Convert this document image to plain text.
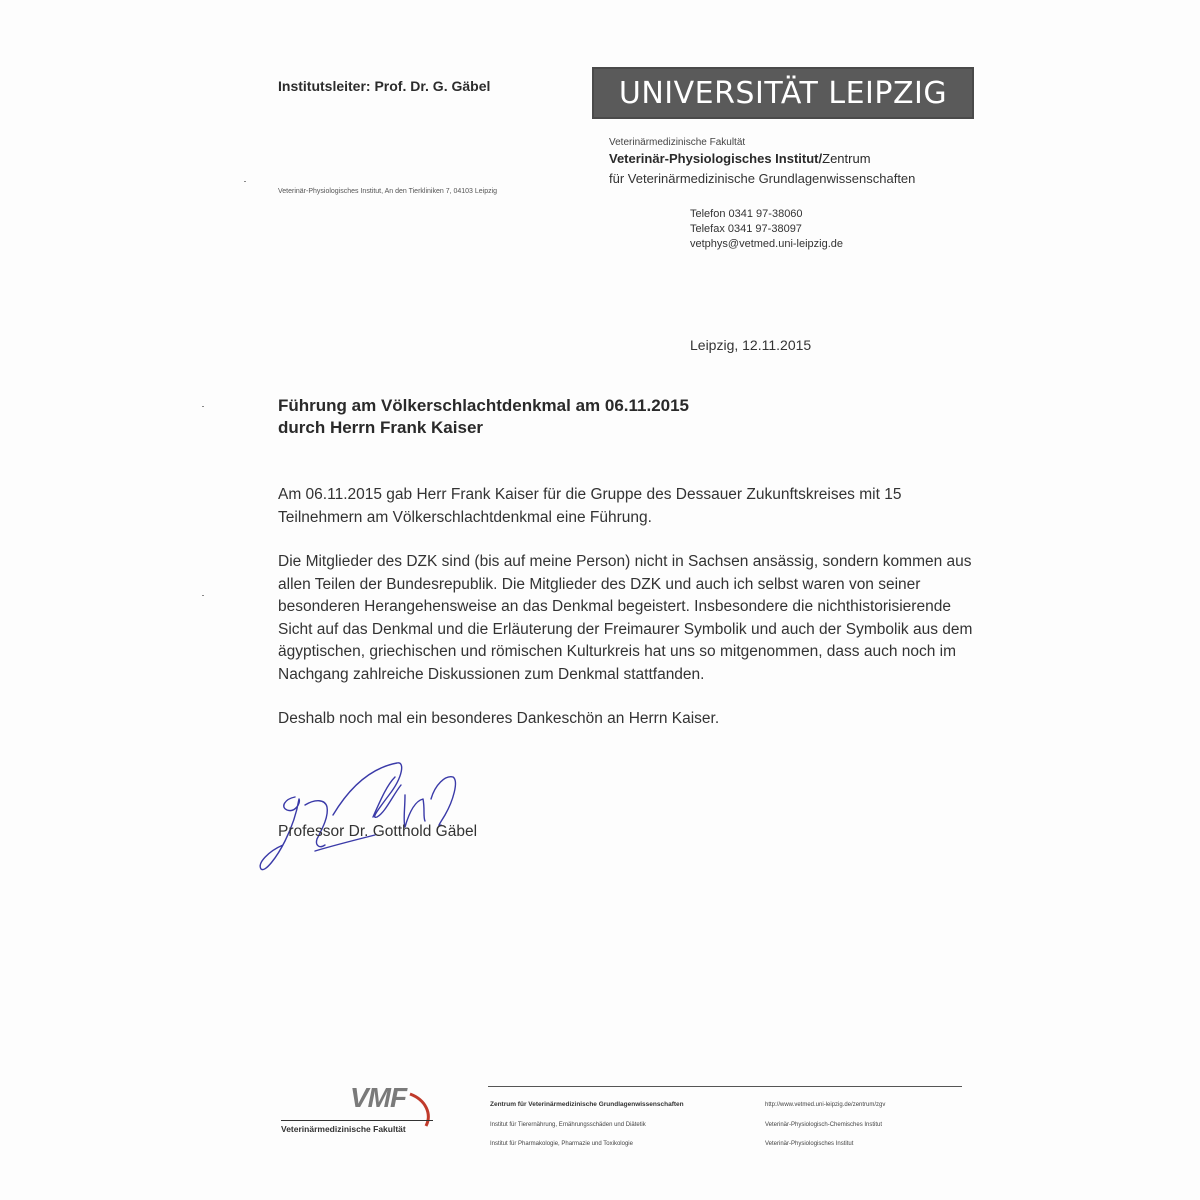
Institutsleiter: Prof. Dr. G. Gäbel	UNIVERSITÄT LEIPZIG
Veterinär-Physiologisches Institut, An den Tierkliniken 7, 04103 Leipzig
Veterinärmedizinische Fakultät
Veterinär-Physiologisches Institut/Zentrum
für Veterinärmedizinische Grundlagenwissenschaften
Telefon 0341 97-38060
Telefax 0341 97-38097
vetphys@vetmed.uni-leipzig.de
Leipzig, 12.11.2015
Führung am Völkerschlachtdenkmal am 06.11.2015
durch Herrn Frank Kaiser

Am 06.11.2015 gab Herr Frank Kaiser für die Gruppe des Dessauer Zukunftskreises mit 15 Teilnehmern am Völkerschlachtdenkmal eine Führung.

Die Mitglieder des DZK sind (bis auf meine Person) nicht in Sachsen ansässig, sondern kommen aus allen Teilen der Bundesrepublik. Die Mitglieder des DZK und auch ich selbst waren von seiner besonderen Herangehensweise an das Denkmal begeistert. Insbesondere die nichthistorisierende Sicht auf das Denkmal und die Erläuterung der Freimaurer Symbolik und auch der Symbolik aus dem ägyptischen, griechischen und römischen Kulturkreis hat uns so mitgenommen, dass auch noch im Nachgang zahlreiche Diskussionen zum Denkmal stattfanden.

Deshalb noch mal ein besonderes Dankeschön an Herrn Kaiser.

Professor Dr. Gotthold Gäbel
VMF
Veterinärmedizinische Fakultät
Zentrum für Veterinärmedizinische Grundlagenwissenschaften	http://www.vetmed.uni-leipzig.de/zentrum/zgv
Institut für Tierernährung, Ernährungsschäden und Diätetik	Veterinär-Physiologisch-Chemisches Institut
Institut für Pharmakologie, Pharmazie und Toxikologie	Veterinär-Physiologisches Institut
